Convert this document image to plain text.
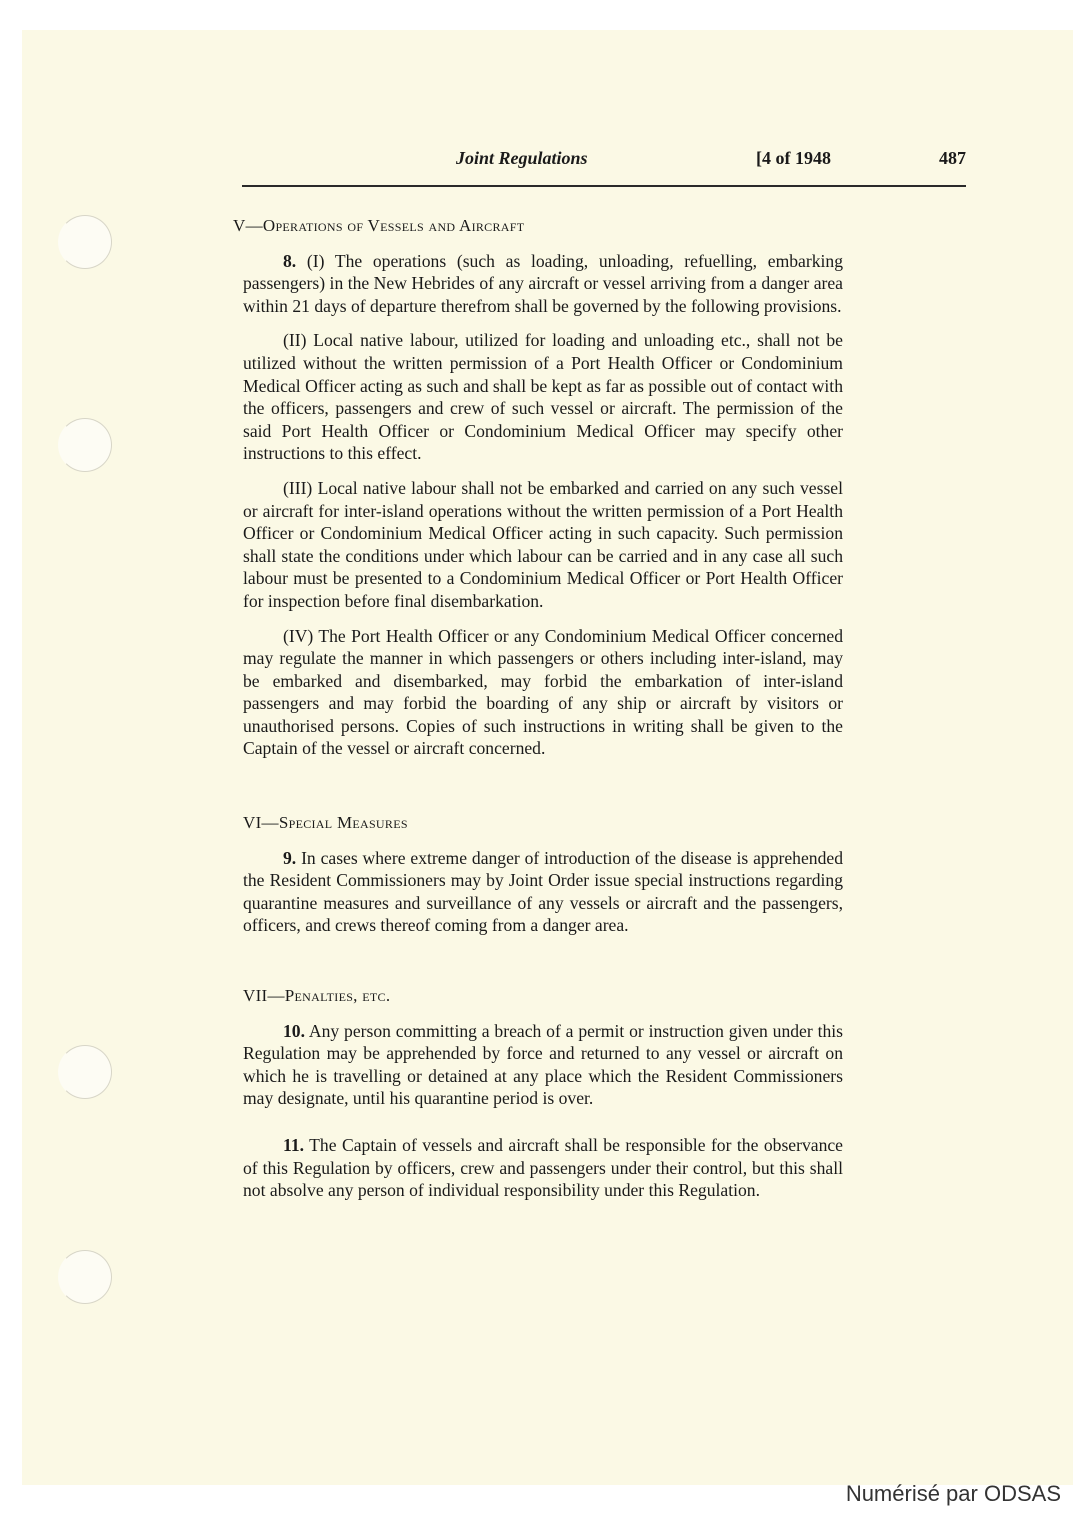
Joint Regulations	[4 of 1948	487

V—Operations of Vessels and Aircraft

8. (I) The operations (such as loading, unloading, refuelling, embarking passengers) in the New Hebrides of any aircraft or vessel arriving from a danger area within 21 days of departure therefrom shall be governed by the following provisions.

(II) Local native labour, utilized for loading and unloading etc., shall not be utilized without the written permission of a Port Health Officer or Condominium Medical Officer acting as such and shall be kept as far as possible out of contact with the officers, passengers and crew of such vessel or aircraft. The permission of the said Port Health Officer or Condominium Medical Officer may specify other instructions to this effect.

(III) Local native labour shall not be embarked and carried on any such vessel or aircraft for inter-island operations without the written permission of a Port Health Officer or Condominium Medical Officer acting in such capacity. Such permission shall state the conditions under which labour can be carried and in any case all such labour must be presented to a Condominium Medical Officer or Port Health Officer for inspection before final disembarkation.

(IV) The Port Health Officer or any Condominium Medical Officer concerned may regulate the manner in which passengers or others including inter-island, may be embarked and disembarked, may forbid the embarkation of inter-island passengers and may forbid the boarding of any ship or aircraft by visitors or unauthorised persons. Copies of such instructions in writing shall be given to the Captain of the vessel or aircraft concerned.

VI—Special Measures

9. In cases where extreme danger of introduction of the disease is apprehended the Resident Commissioners may by Joint Order issue special instructions regarding quarantine measures and surveillance of any vessels or aircraft and the passengers, officers, and crews thereof coming from a danger area.

VII—Penalties, etc.

10. Any person committing a breach of a permit or instruction given under this Regulation may be apprehended by force and returned to any vessel or aircraft on which he is travelling or detained at any place which the Resident Commissioners may designate, until his quarantine period is over.

11. The Captain of vessels and aircraft shall be responsible for the observance of this Regulation by officers, crew and passengers under their control, but this shall not absolve any person of individual responsibility under this Regulation.

Numérisé par ODSAS
